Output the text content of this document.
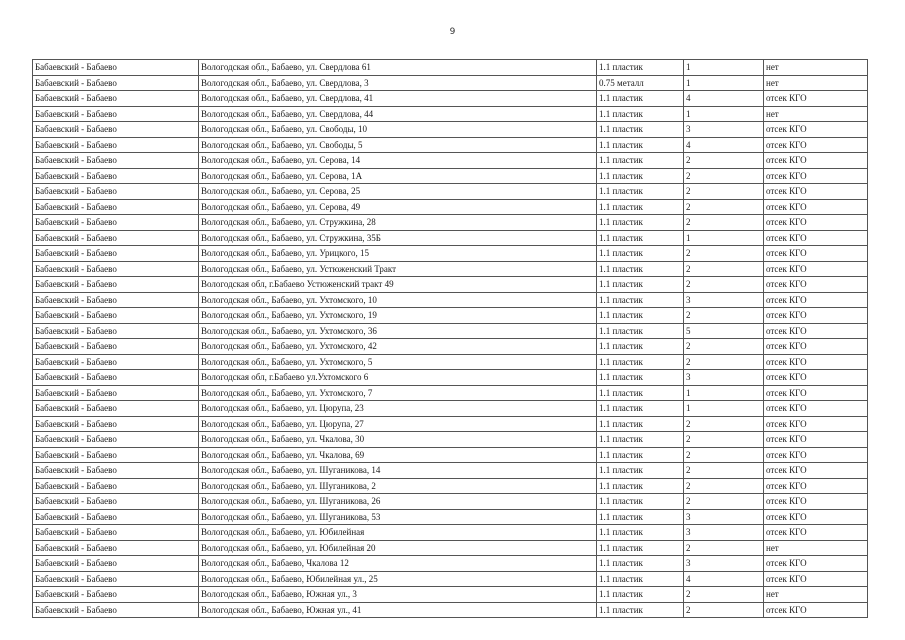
9
Бабаевский - Бабаево	Вологодская обл., Бабаево, ул. Свердлова 61	1.1 пластик	1	нет
Бабаевский - Бабаево	Вологодская обл., Бабаево, ул. Свердлова, 3	0.75 металл	1	нет
Бабаевский - Бабаево	Вологодская обл., Бабаево, ул. Свердлова, 41	1.1 пластик	4	отсек КГО
Бабаевский - Бабаево	Вологодская обл., Бабаево, ул. Свердлова, 44	1.1 пластик	1	нет
Бабаевский - Бабаево	Вологодская обл., Бабаево, ул. Свободы, 10	1.1 пластик	3	отсек КГО
Бабаевский - Бабаево	Вологодская обл., Бабаево, ул. Свободы, 5	1.1 пластик	4	отсек КГО
Бабаевский - Бабаево	Вологодская обл., Бабаево, ул. Серова, 14	1.1 пластик	2	отсек КГО
Бабаевский - Бабаево	Вологодская обл., Бабаево, ул. Серова, 1А	1.1 пластик	2	отсек КГО
Бабаевский - Бабаево	Вологодская обл., Бабаево, ул. Серова, 25	1.1 пластик	2	отсек КГО
Бабаевский - Бабаево	Вологодская обл., Бабаево, ул. Серова, 49	1.1 пластик	2	отсек КГО
Бабаевский - Бабаево	Вологодская обл., Бабаево, ул. Стружкина, 28	1.1 пластик	2	отсек КГО
Бабаевский - Бабаево	Вологодская обл., Бабаево, ул. Стружкина, 35Б	1.1 пластик	1	отсек КГО
Бабаевский - Бабаево	Вологодская обл., Бабаево, ул. Урицкого, 15	1.1 пластик	2	отсек КГО
Бабаевский - Бабаево	Вологодская обл., Бабаево, ул. Устюженский Тракт	1.1 пластик	2	отсек КГО
Бабаевский - Бабаево	Вологодская обл, г.Бабаево Устюженский тракт 49	1.1 пластик	2	отсек КГО
Бабаевский - Бабаево	Вологодская обл., Бабаево, ул. Ухтомского, 10	1.1 пластик	3	отсек КГО
Бабаевский - Бабаево	Вологодская обл., Бабаево, ул. Ухтомского, 19	1.1 пластик	2	отсек КГО
Бабаевский - Бабаево	Вологодская обл., Бабаево, ул. Ухтомского, 36	1.1 пластик	5	отсек КГО
Бабаевский - Бабаево	Вологодская обл., Бабаево, ул. Ухтомского, 42	1.1 пластик	2	отсек КГО
Бабаевский - Бабаево	Вологодская обл., Бабаево, ул. Ухтомского, 5	1.1 пластик	2	отсек КГО
Бабаевский - Бабаево	Вологодская обл, г.Бабаево ул.Ухтомского 6	1.1 пластик	3	отсек КГО
Бабаевский - Бабаево	Вологодская обл., Бабаево, ул. Ухтомского, 7	1.1 пластик	1	отсек КГО
Бабаевский - Бабаево	Вологодская обл., Бабаево, ул. Цюрупа, 23	1.1 пластик	1	отсек КГО
Бабаевский - Бабаево	Вологодская обл., Бабаево, ул. Цюрупа, 27	1.1 пластик	2	отсек КГО
Бабаевский - Бабаево	Вологодская обл., Бабаево, ул. Чкалова, 30	1.1 пластик	2	отсек КГО
Бабаевский - Бабаево	Вологодская обл., Бабаево, ул. Чкалова, 69	1.1 пластик	2	отсек КГО
Бабаевский - Бабаево	Вологодская обл., Бабаево, ул. Шуганикова, 14	1.1 пластик	2	отсек КГО
Бабаевский - Бабаево	Вологодская обл., Бабаево, ул. Шуганикова, 2	1.1 пластик	2	отсек КГО
Бабаевский - Бабаево	Вологодская обл., Бабаево, ул. Шуганикова, 26	1.1 пластик	2	отсек КГО
Бабаевский - Бабаево	Вологодская обл., Бабаево, ул. Шуганикова, 53	1.1 пластик	3	отсек КГО
Бабаевский - Бабаево	Вологодская обл., Бабаево, ул. Юбилейная	1.1 пластик	3	отсек КГО
Бабаевский - Бабаево	Вологодская обл., Бабаево, ул. Юбилейная 20	1.1 пластик	2	нет
Бабаевский - Бабаево	Вологодская обл., Бабаево, Чкалова 12	1.1 пластик	3	отсек КГО
Бабаевский - Бабаево	Вологодская обл., Бабаево, Юбилейная ул., 25	1.1 пластик	4	отсек КГО
Бабаевский - Бабаево	Вологодская обл., Бабаево, Южная ул., 3	1.1 пластик	2	нет
Бабаевский - Бабаево	Вологодская обл., Бабаево, Южная ул., 41	1.1 пластик	2	отсек КГО
